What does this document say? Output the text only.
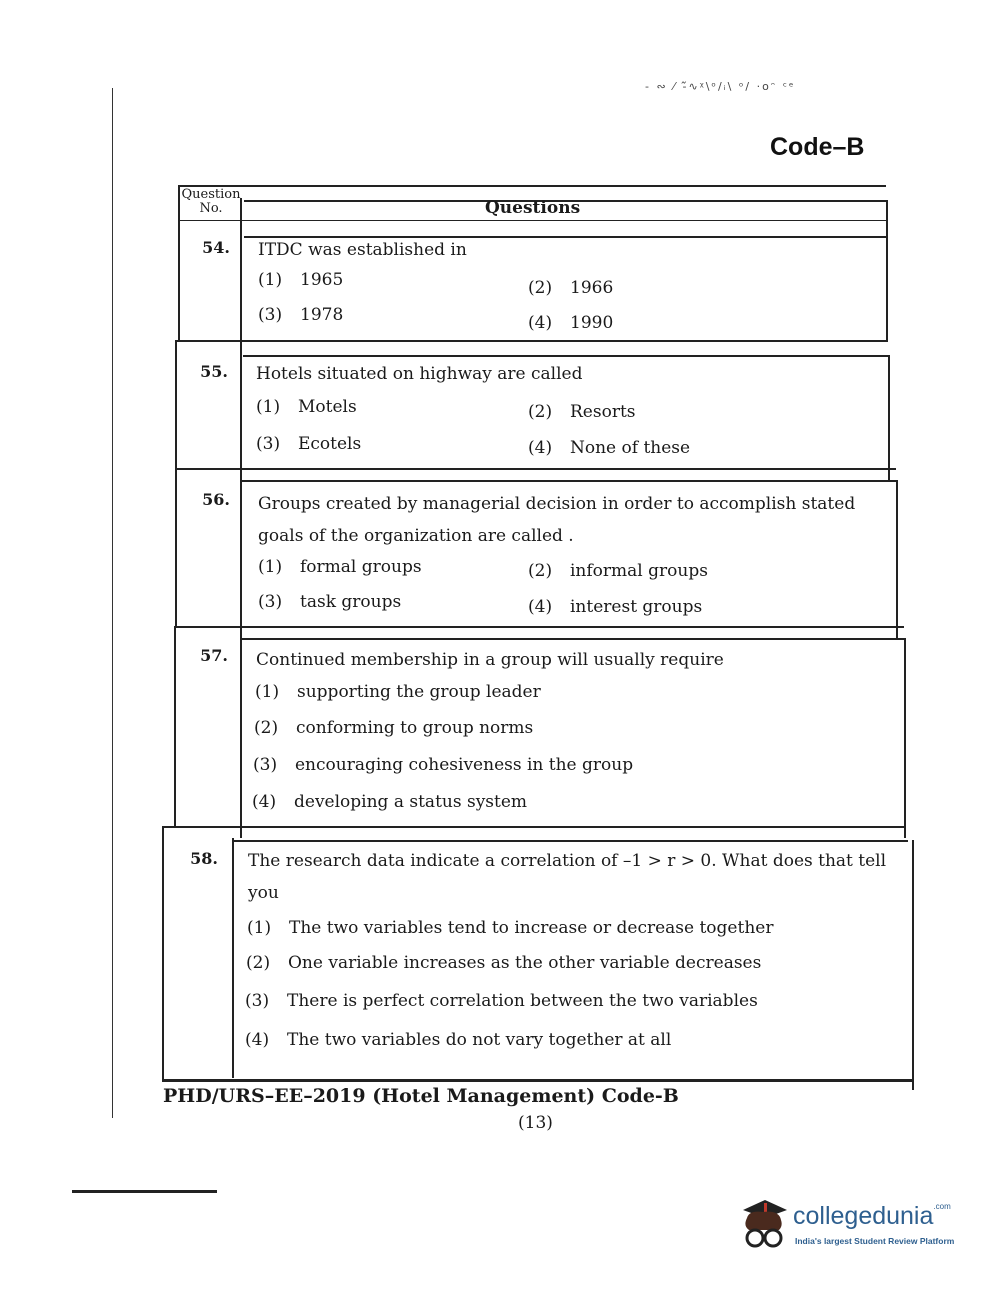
- ∾ ⁄ -᷉∿ᵡ\ᵒ/ᵢ\ ᵒ/ ·oᵔ ᶜᵉ
Code–B
Question No.	Questions
54. ITDC was established in
(1) 1965	(2) 1966
(3) 1978	(4) 1990
55. Hotels situated on highway are called
(1) Motels	(2) Resorts
(3) Ecotels	(4) None of these
56. Groups created by managerial decision in order to accomplish stated goals of the organization are called .
(1) formal groups	(2) informal groups
(3) task groups	(4) interest groups
57. Continued membership in a group will usually require
(1) supporting the group leader
(2) conforming to group norms
(3) encouraging cohesiveness in the group
(4) developing a status system
58. The research data indicate a correlation of –1 > r > 0. What does that tell you
(1) The two variables tend to increase or decrease together
(2) One variable increases as the other variable decreases
(3) There is perfect correlation between the two variables
(4) The two variables do not vary together at all
PHD/URS–EE–2019 (Hotel Management) Code-B
(13)
collegedunia$^{.com}$
India's largest Student Review Platform
